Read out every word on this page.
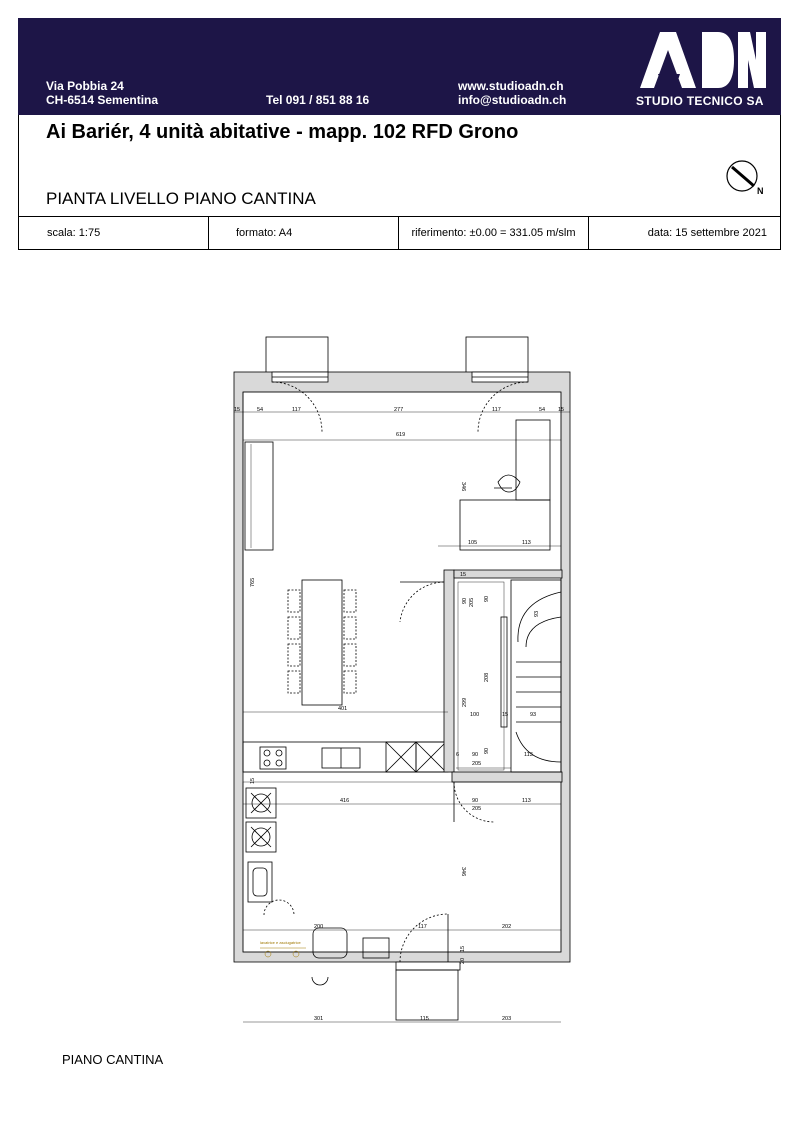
Via Pobbia 24
CH-6514 Sementina	Tel 091 / 851 88 16
www.studioadn.ch
info@studioadn.ch	STUDIO TECNICO SA
Ai Bariér, 4 unità abitative - mapp. 102 RFD Grono
PIANTA LIVELLO PIANO CANTINA	N
scala: 1:75	formato: A4	riferimento: ±0.00 = 331.05 m/slm	data: 15 settembre 2021
15	54	117	277	117	54 15
619
765
346
105	113
401
15
90 205 90
93
299
100	15	93
208
113
6 90
90
205
416	90
205
113
346
200	117	202
301	115	203
15
15
20
lavatrice e asciugatrice
PIANO CANTINA
